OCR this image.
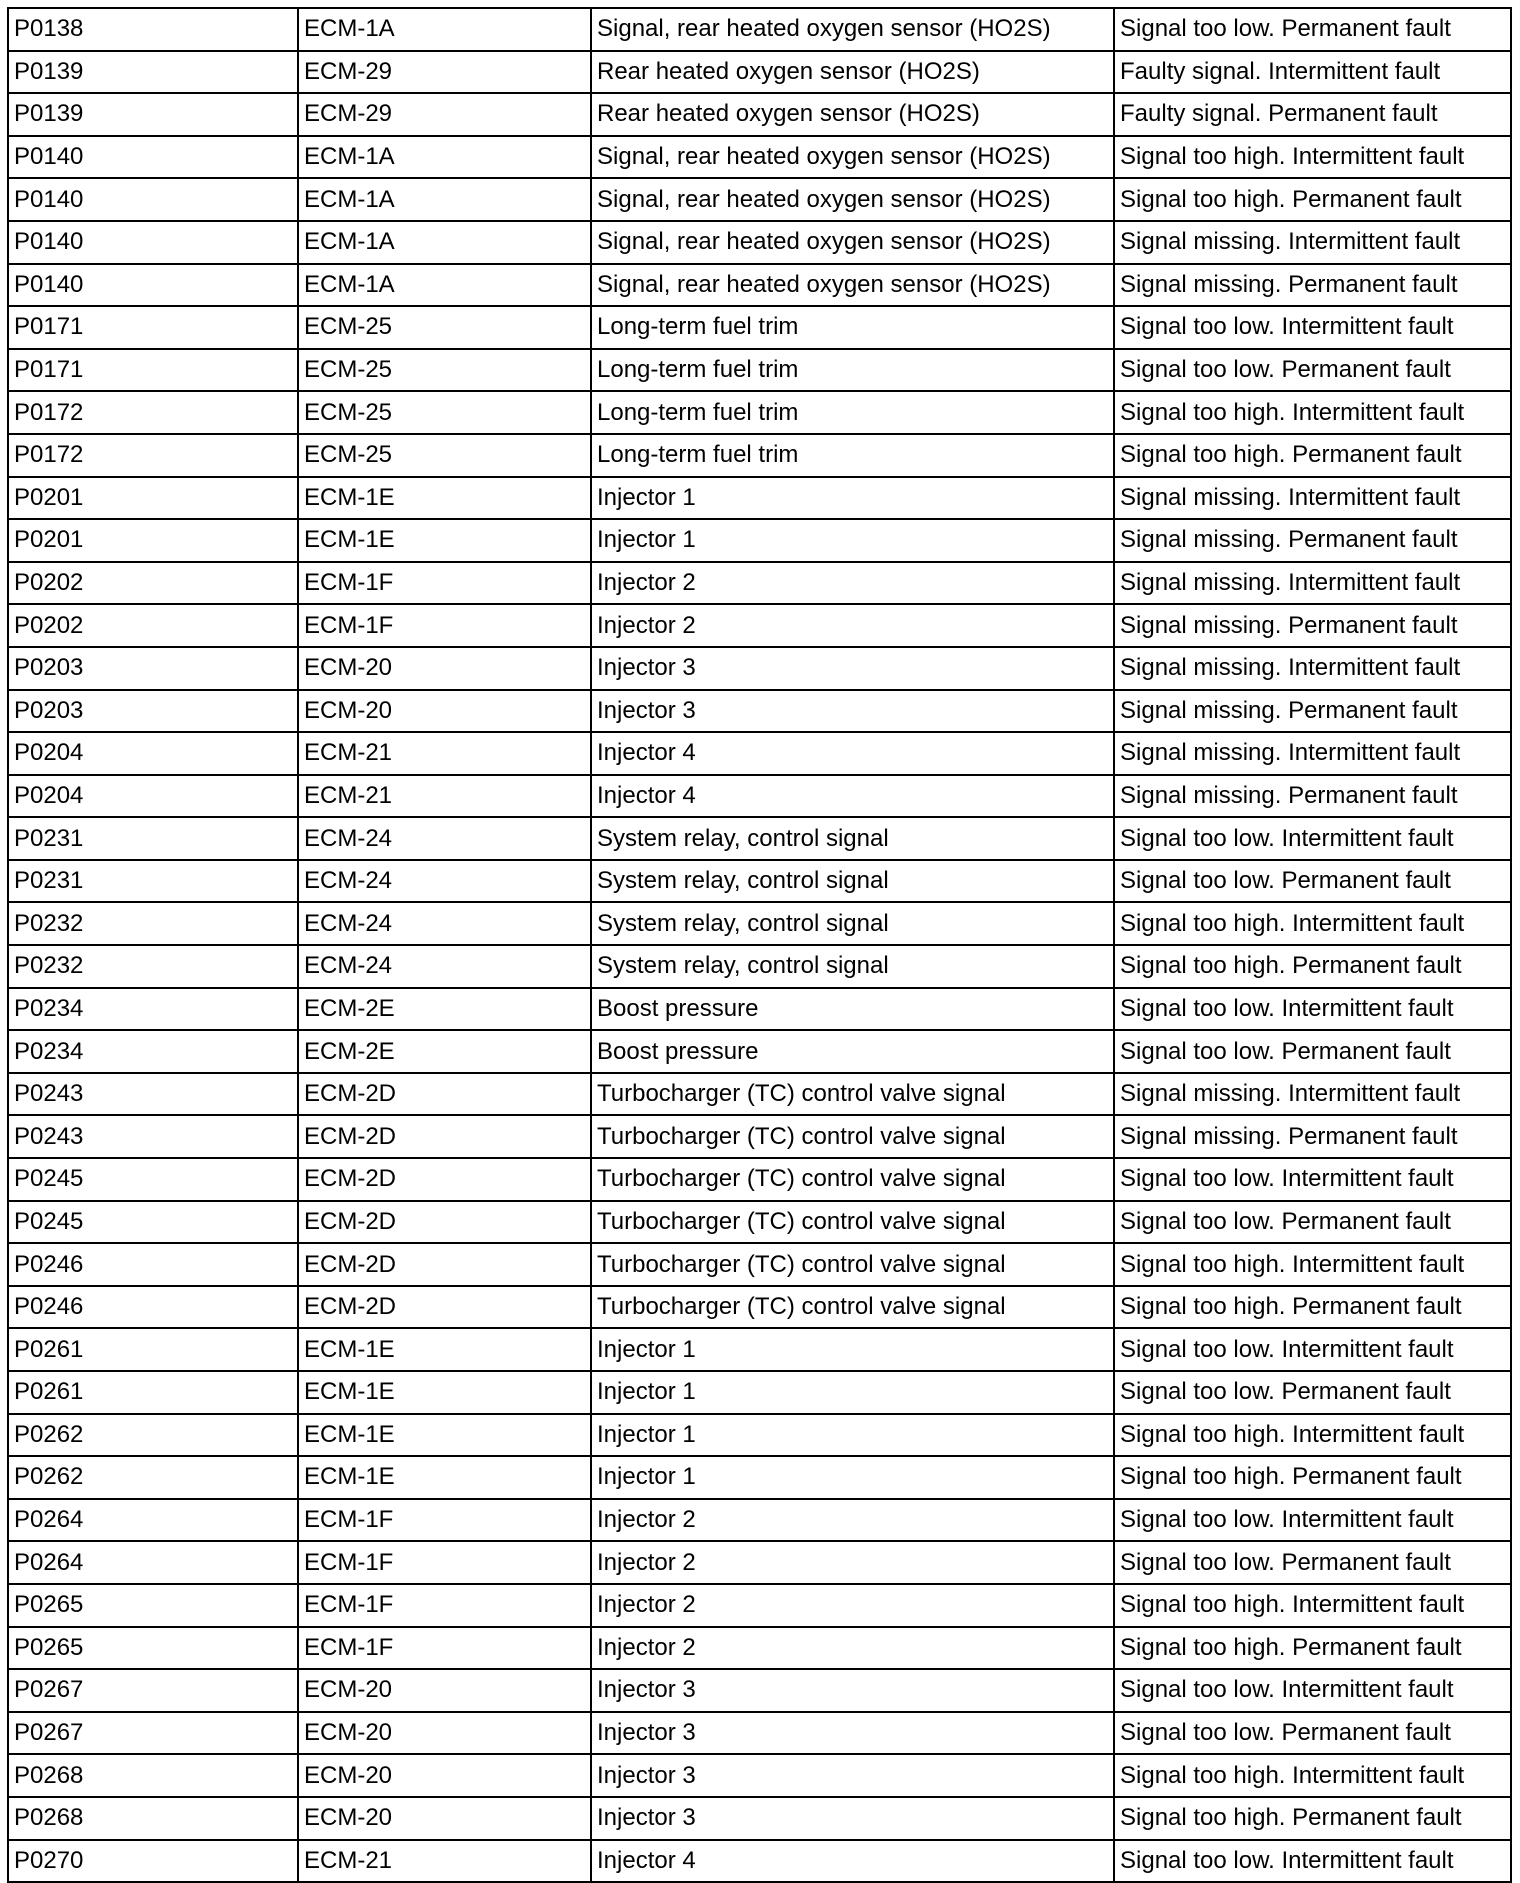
P0138	ECM-1A	Signal, rear heated oxygen sensor (HO2S)	Signal too low. Permanent fault
P0139	ECM-29	Rear heated oxygen sensor (HO2S)	Faulty signal. Intermittent fault
P0139	ECM-29	Rear heated oxygen sensor (HO2S)	Faulty signal. Permanent fault
P0140	ECM-1A	Signal, rear heated oxygen sensor (HO2S)	Signal too high. Intermittent fault
P0140	ECM-1A	Signal, rear heated oxygen sensor (HO2S)	Signal too high. Permanent fault
P0140	ECM-1A	Signal, rear heated oxygen sensor (HO2S)	Signal missing. Intermittent fault
P0140	ECM-1A	Signal, rear heated oxygen sensor (HO2S)	Signal missing. Permanent fault
P0171	ECM-25	Long-term fuel trim	Signal too low. Intermittent fault
P0171	ECM-25	Long-term fuel trim	Signal too low. Permanent fault
P0172	ECM-25	Long-term fuel trim	Signal too high. Intermittent fault
P0172	ECM-25	Long-term fuel trim	Signal too high. Permanent fault
P0201	ECM-1E	Injector 1	Signal missing. Intermittent fault
P0201	ECM-1E	Injector 1	Signal missing. Permanent fault
P0202	ECM-1F	Injector 2	Signal missing. Intermittent fault
P0202	ECM-1F	Injector 2	Signal missing. Permanent fault
P0203	ECM-20	Injector 3	Signal missing. Intermittent fault
P0203	ECM-20	Injector 3	Signal missing. Permanent fault
P0204	ECM-21	Injector 4	Signal missing. Intermittent fault
P0204	ECM-21	Injector 4	Signal missing. Permanent fault
P0231	ECM-24	System relay, control signal	Signal too low. Intermittent fault
P0231	ECM-24	System relay, control signal	Signal too low. Permanent fault
P0232	ECM-24	System relay, control signal	Signal too high. Intermittent fault
P0232	ECM-24	System relay, control signal	Signal too high. Permanent fault
P0234	ECM-2E	Boost pressure	Signal too low. Intermittent fault
P0234	ECM-2E	Boost pressure	Signal too low. Permanent fault
P0243	ECM-2D	Turbocharger (TC) control valve signal	Signal missing. Intermittent fault
P0243	ECM-2D	Turbocharger (TC) control valve signal	Signal missing. Permanent fault
P0245	ECM-2D	Turbocharger (TC) control valve signal	Signal too low. Intermittent fault
P0245	ECM-2D	Turbocharger (TC) control valve signal	Signal too low. Permanent fault
P0246	ECM-2D	Turbocharger (TC) control valve signal	Signal too high. Intermittent fault
P0246	ECM-2D	Turbocharger (TC) control valve signal	Signal too high. Permanent fault
P0261	ECM-1E	Injector 1	Signal too low. Intermittent fault
P0261	ECM-1E	Injector 1	Signal too low. Permanent fault
P0262	ECM-1E	Injector 1	Signal too high. Intermittent fault
P0262	ECM-1E	Injector 1	Signal too high. Permanent fault
P0264	ECM-1F	Injector 2	Signal too low. Intermittent fault
P0264	ECM-1F	Injector 2	Signal too low. Permanent fault
P0265	ECM-1F	Injector 2	Signal too high. Intermittent fault
P0265	ECM-1F	Injector 2	Signal too high. Permanent fault
P0267	ECM-20	Injector 3	Signal too low. Intermittent fault
P0267	ECM-20	Injector 3	Signal too low. Permanent fault
P0268	ECM-20	Injector 3	Signal too high. Intermittent fault
P0268	ECM-20	Injector 3	Signal too high. Permanent fault
P0270	ECM-21	Injector 4	Signal too low. Intermittent fault
